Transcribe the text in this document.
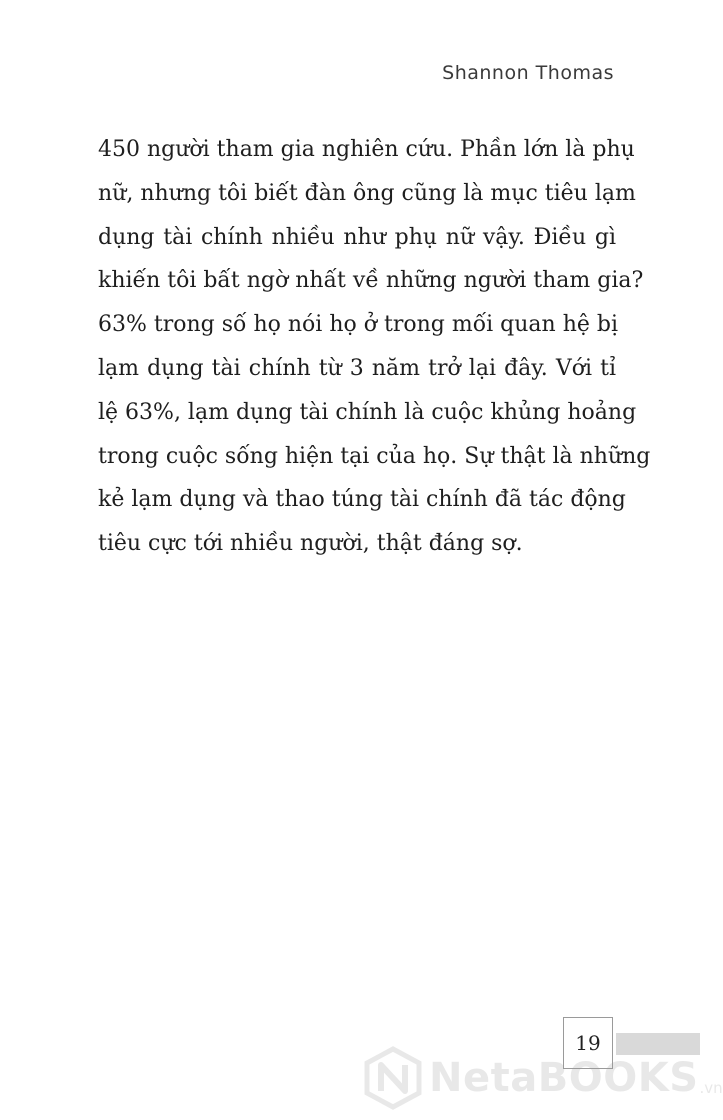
Shannon Thomas
450 người tham gia nghiên cứu. Phần lớn là phụ
nữ, nhưng tôi biết đàn ông cũng là mục tiêu lạm
dụng tài chính nhiều như phụ nữ vậy. Điều gì
khiến tôi bất ngờ nhất về những người tham gia?
63% trong số họ nói họ ở trong mối quan hệ bị
lạm dụng tài chính từ 3 năm trở lại đây. Với tỉ
lệ 63%, lạm dụng tài chính là cuộc khủng hoảng
trong cuộc sống hiện tại của họ. Sự thật là những
kẻ lạm dụng và thao túng tài chính đã tác động
tiêu cực tới nhiều người, thật đáng sợ.
19
NetaBOOKS .vn
